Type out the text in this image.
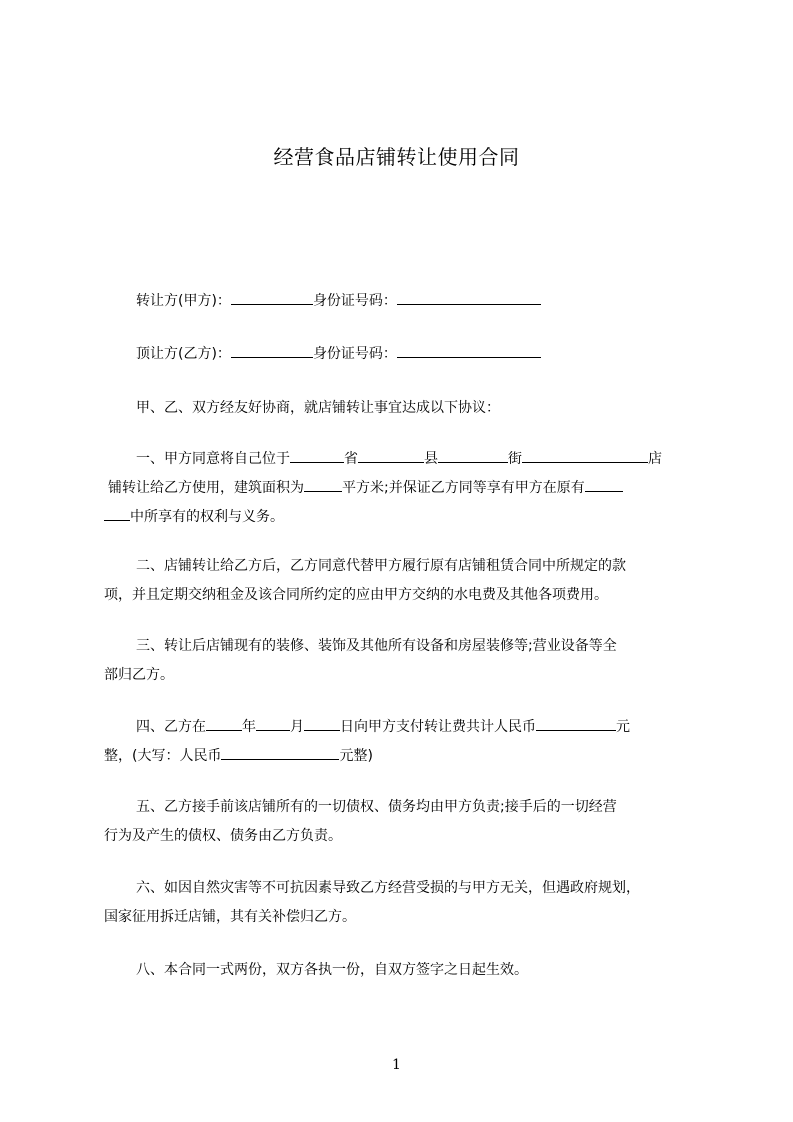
经营食品店铺转让使用合同
转让方(甲方)：	身份证号码：
顶让方(乙方)：	身份证号码：
甲、乙、双方经友好协商，就店铺转让事宜达成以下协议：
一、甲方同意将自己位于	省	县	街	店
铺转让给乙方使用，建筑面积为	平方米;并保证乙方同等享有甲方在原有
中所享有的权利与义务。
二、店铺转让给乙方后，乙方同意代替甲方履行原有店铺租赁合同中所规定的款
项，并且定期交纳租金及该合同所约定的应由甲方交纳的水电费及其他各项费用。
三、转让后店铺现有的装修、装饰及其他所有设备和房屋装修等;营业设备等全
部归乙方。
四、乙方在	年 月	日向甲方支付转让费共计人民币	元
整，(大写：人民币	元整)
五、乙方接手前该店铺所有的一切债权、债务均由甲方负责;接手后的一切经营
行为及产生的债权、债务由乙方负责。
六、如因自然灾害等不可抗因素导致乙方经营受损的与甲方无关，但遇政府规划，
国家征用拆迁店铺，其有关补偿归乙方。
八、本合同一式两份，双方各执一份，自双方签字之日起生效。
1
